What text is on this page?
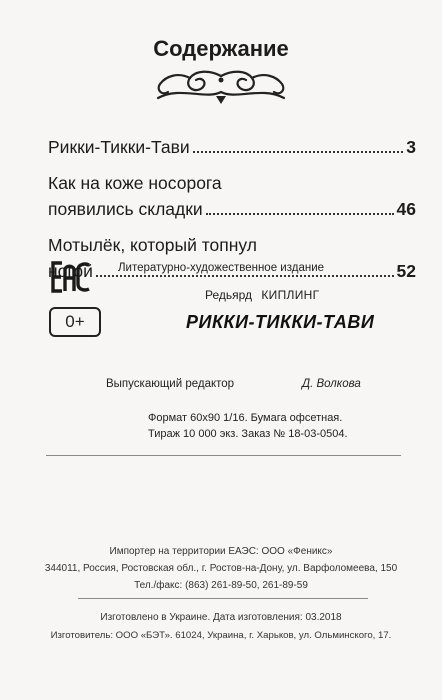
Содержание
Рикки-Тикки-Тави	3
Как на коже носорога
появились складки	46
Мотылёк, который топнул
ногой	52
0+
Литературно-художественное издание
Редьярд КИПЛИНГ
РИККИ-ТИККИ-ТАВИ
Выпускающий редактор	Д. Волкова
Формат 60х90 1/16. Бумага офсетная.
Тираж 10 000 экз. Заказ № 18-03-0504.
Импортер на территории ЕАЭС: ООО «Феникс»
344011, Россия, Ростовская обл., г. Ростов-на-Дону, ул. Варфоломеева, 150
Тел./факс: (863) 261-89-50, 261-89-59
Изготовлено в Украине. Дата изготовления: 03.2018
Изготовитель: ООО «БЭТ». 61024, Украина, г. Харьков, ул. Ольминского, 17.
